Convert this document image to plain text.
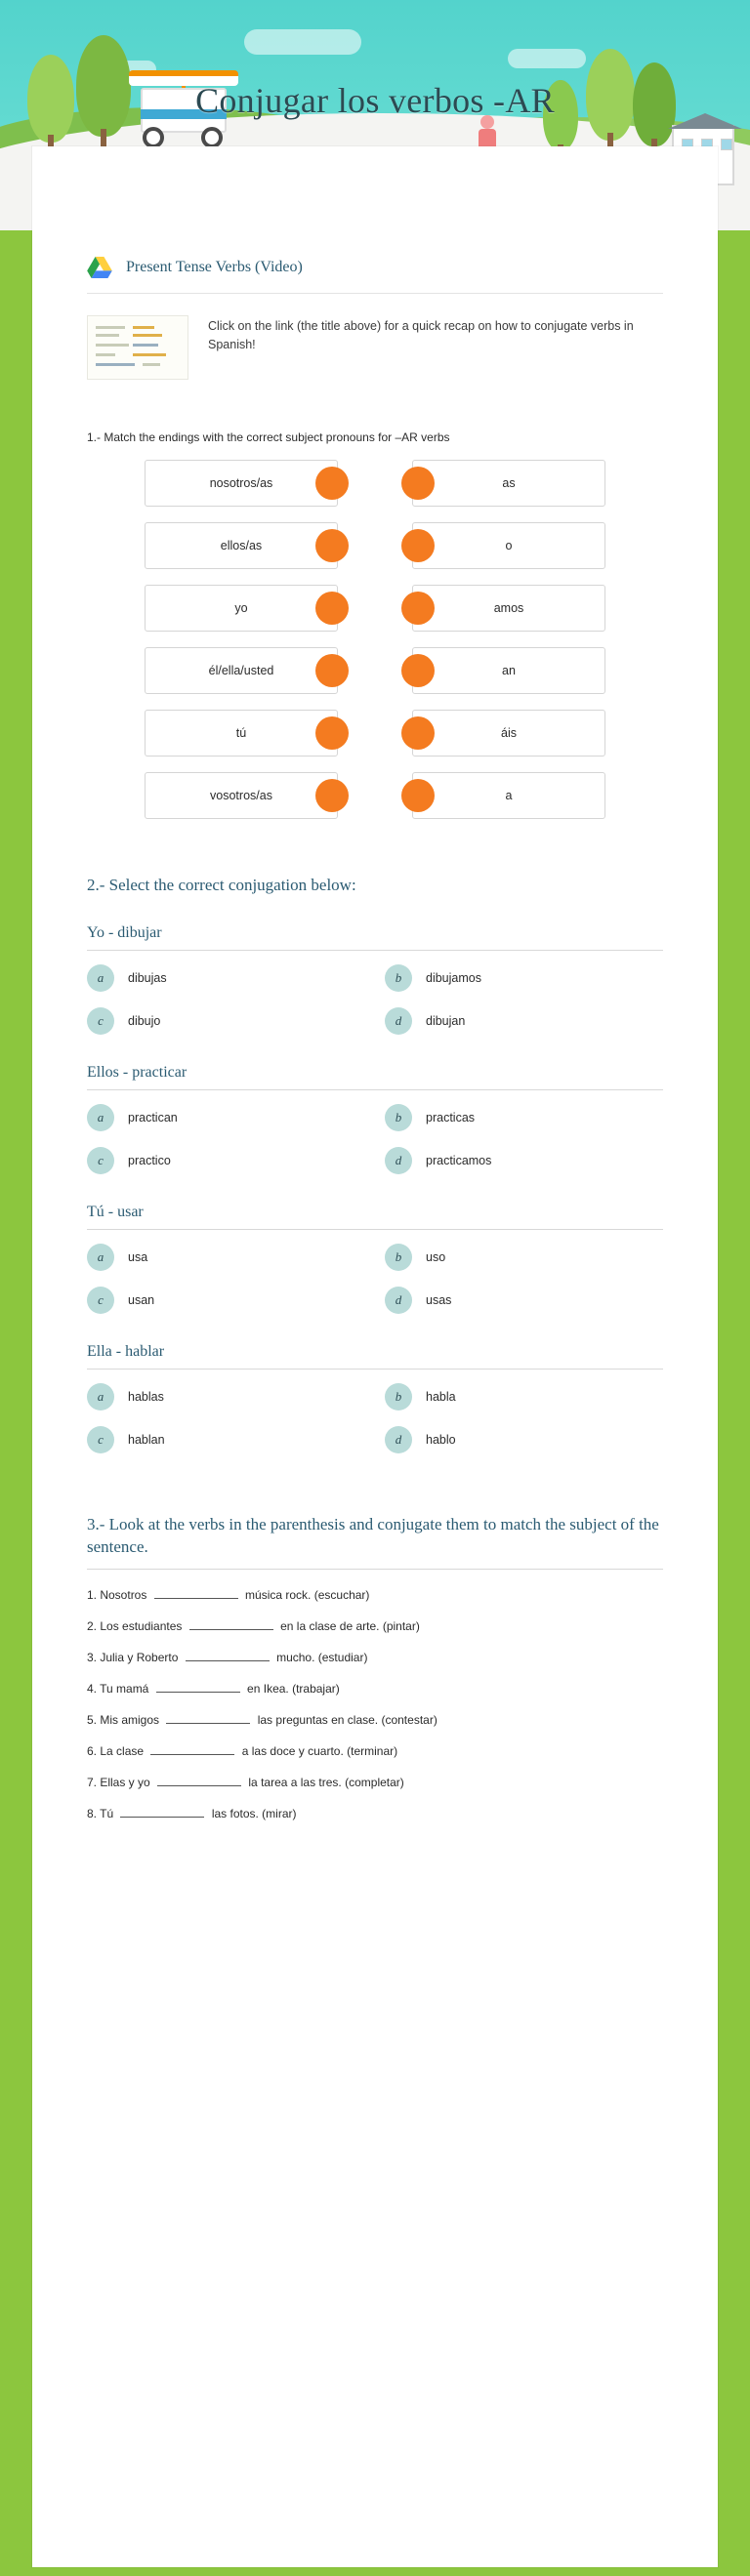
Conjugar los verbos -AR
Present Tense Verbs (Video)
Click on the link (the title above) for a quick recap on how to conjugate verbs in Spanish!
1.- Match the endings with the correct subject pronouns for –AR verbs
nosotros/as
ellos/as
yo
él/ella/usted
tú
vosotros/as
as
o
amos
an
áis
a
2.- Select the correct conjugation below:
Yo - dibujar
a	dibujas	b	dibujamos
c	dibujo	d	dibujan
Ellos - practicar
a	practican	b	practicas
c	practico	d	practicamos
Tú - usar
a	usa	b	uso
c	usan	d	usas
Ella - hablar
a	hablas	b	habla
c	hablan	d	hablo
3.- Look at the verbs in the parenthesis and conjugate them to match the subject of the sentence.
1. Nosotros	música rock. (escuchar)
2. Los estudiantes	en la clase de arte. (pintar)
3. Julia y Roberto	mucho. (estudiar)
4. Tu mamá	en Ikea. (trabajar)
5. Mis amigos	las preguntas en clase. (contestar)
6. La clase	a las doce y cuarto. (terminar)
7. Ellas y yo	la tarea a las tres. (completar)
8. Tú	las fotos. (mirar)
